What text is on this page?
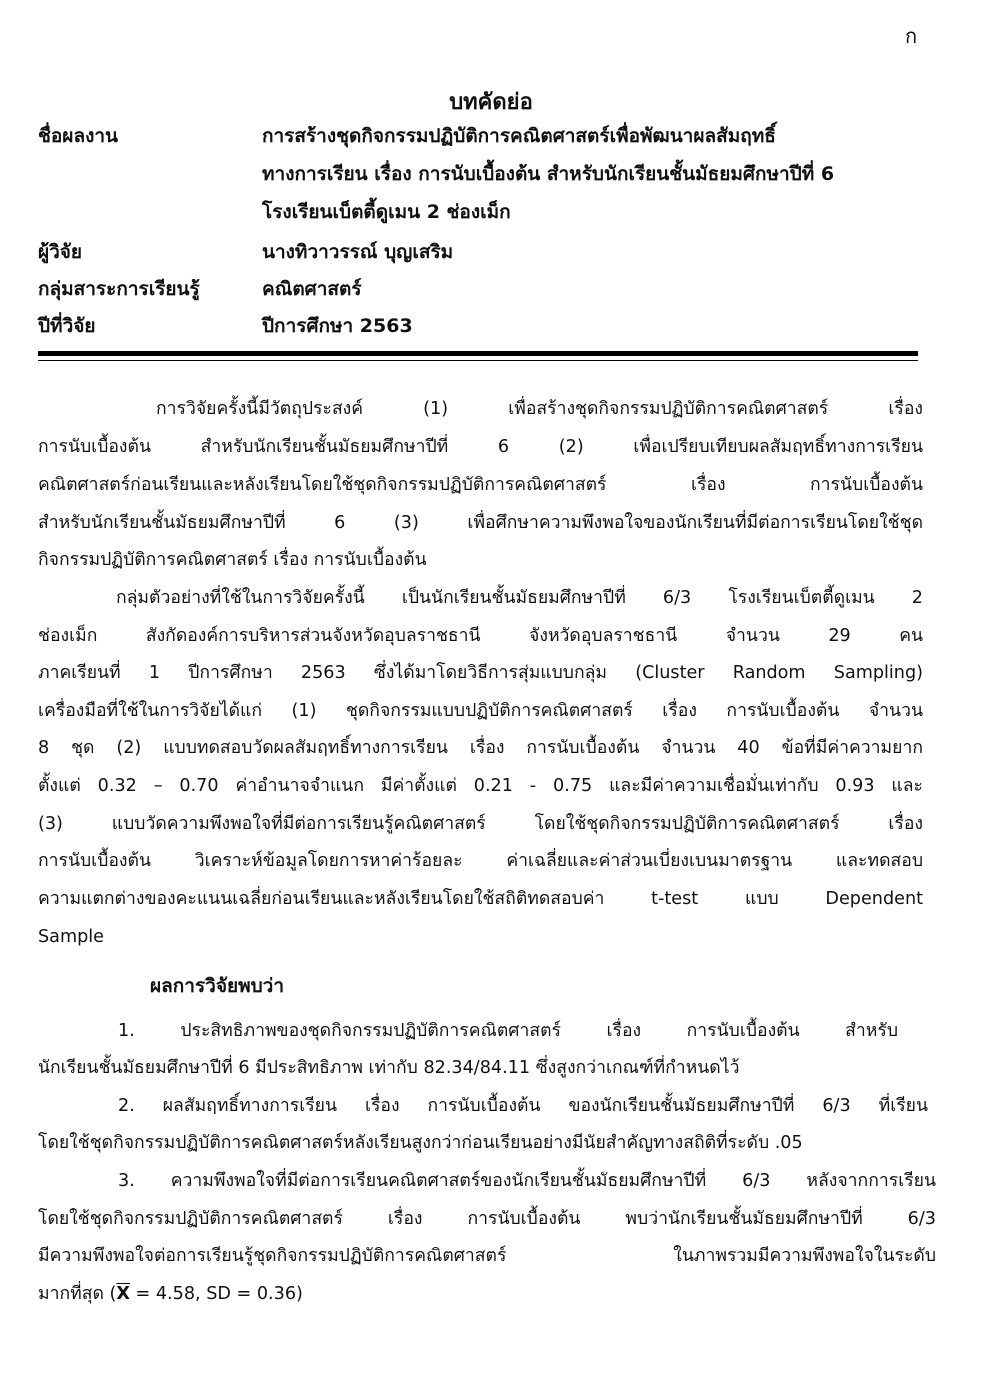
ก
บทคัดย่อ
ชื่อผลงาน	การสร้างชุดกิจกรรมปฏิบัติการคณิตศาสตร์เพื่อพัฒนาผลสัมฤทธิ์
ทางการเรียน เรื่อง การนับเบื้องต้น สำหรับนักเรียนชั้นมัธยมศึกษาปีที่ 6
โรงเรียนเบ็ตตี้ดูเมน 2 ช่องเม็ก
ผู้วิจัย	นางทิวาวรรณ์ บุญเสริม
กลุ่มสาระการเรียนรู้	คณิตศาสตร์
ปีที่วิจัย	ปีการศึกษา 2563
การวิจัยครั้งนี้มีวัตถุประสงค์ (1) เพื่อสร้างชุดกิจกรรมปฏิบัติการคณิตศาสตร์ เรื่อง
การนับเบื้องต้น สำหรับนักเรียนชั้นมัธยมศึกษาปีที่ 6 (2) เพื่อเปรียบเทียบผลสัมฤทธิ์ทางการเรียน
คณิตศาสตร์ก่อนเรียนและหลังเรียนโดยใช้ชุดกิจกรรมปฏิบัติการคณิตศาสตร์ เรื่อง การนับเบื้องต้น
สำหรับนักเรียนชั้นมัธยมศึกษาปีที่ 6 (3) เพื่อศึกษาความพึงพอใจของนักเรียนที่มีต่อการเรียนโดยใช้ชุด
กิจกรรมปฏิบัติการคณิตศาสตร์ เรื่อง การนับเบื้องต้น
กลุ่มตัวอย่างที่ใช้ในการวิจัยครั้งนี้ เป็นนักเรียนชั้นมัธยมศึกษาปีที่ 6/3 โรงเรียนเบ็ตตี้ดูเมน 2
ช่องเม็ก สังกัดองค์การบริหารส่วนจังหวัดอุบลราชธานี จังหวัดอุบลราชธานี จำนวน 29 คน
ภาคเรียนที่ 1 ปีการศึกษา 2563 ซึ่งได้มาโดยวิธีการสุ่มแบบกลุ่ม (Cluster Random Sampling)
เครื่องมือที่ใช้ในการวิจัยได้แก่ (1) ชุดกิจกรรมแบบปฏิบัติการคณิตศาสตร์ เรื่อง การนับเบื้องต้น จำนวน
8 ชุด (2) แบบทดสอบวัดผลสัมฤทธิ์ทางการเรียน เรื่อง การนับเบื้องต้น จำนวน 40 ข้อที่มีค่าความยาก
ตั้งแต่ 0.32 – 0.70 ค่าอำนาจจำแนก มีค่าตั้งแต่ 0.21 - 0.75 และมีค่าความเชื่อมั่นเท่ากับ 0.93 และ
(3) แบบวัดความพึงพอใจที่มีต่อการเรียนรู้คณิตศาสตร์ โดยใช้ชุดกิจกรรมปฏิบัติการคณิตศาสตร์ เรื่อง
การนับเบื้องต้น วิเคราะห์ข้อมูลโดยการหาค่าร้อยละ ค่าเฉลี่ยและค่าส่วนเบี่ยงเบนมาตรฐาน และทดสอบ
ความแตกต่างของคะแนนเฉลี่ยก่อนเรียนและหลังเรียนโดยใช้สถิติทดสอบค่า t-test แบบ Dependent
Sample
ผลการวิจัยพบว่า
1. ประสิทธิภาพของชุดกิจกรรมปฏิบัติการคณิตศาสตร์ เรื่อง การนับเบื้องต้น สำหรับ
นักเรียนชั้นมัธยมศึกษาปีที่ 6 มีประสิทธิภาพ เท่ากับ 82.34/84.11 ซึ่งสูงกว่าเกณฑ์ที่กำหนดไว้
2. ผลสัมฤทธิ์ทางการเรียน เรื่อง การนับเบื้องต้น ของนักเรียนชั้นมัธยมศึกษาปีที่ 6/3 ที่เรียน
โดยใช้ชุดกิจกรรมปฏิบัติการคณิตศาสตร์หลังเรียนสูงกว่าก่อนเรียนอย่างมีนัยสำคัญทางสถิติที่ระดับ .05
3. ความพึงพอใจที่มีต่อการเรียนคณิตศาสตร์ของนักเรียนชั้นมัธยมศึกษาปีที่ 6/3 หลังจากการเรียน
โดยใช้ชุดกิจกรรมปฏิบัติการคณิตศาสตร์ เรื่อง การนับเบื้องต้น พบว่านักเรียนชั้นมัธยมศึกษาปีที่ 6/3
มีความพึงพอใจต่อการเรียนรู้ชุดกิจกรรมปฏิบัติการคณิตศาสตร์ ในภาพรวมมีความพึงพอใจในระดับ
มากที่สุด ($\overline{X} = 4.58$, SD = 0.36)
